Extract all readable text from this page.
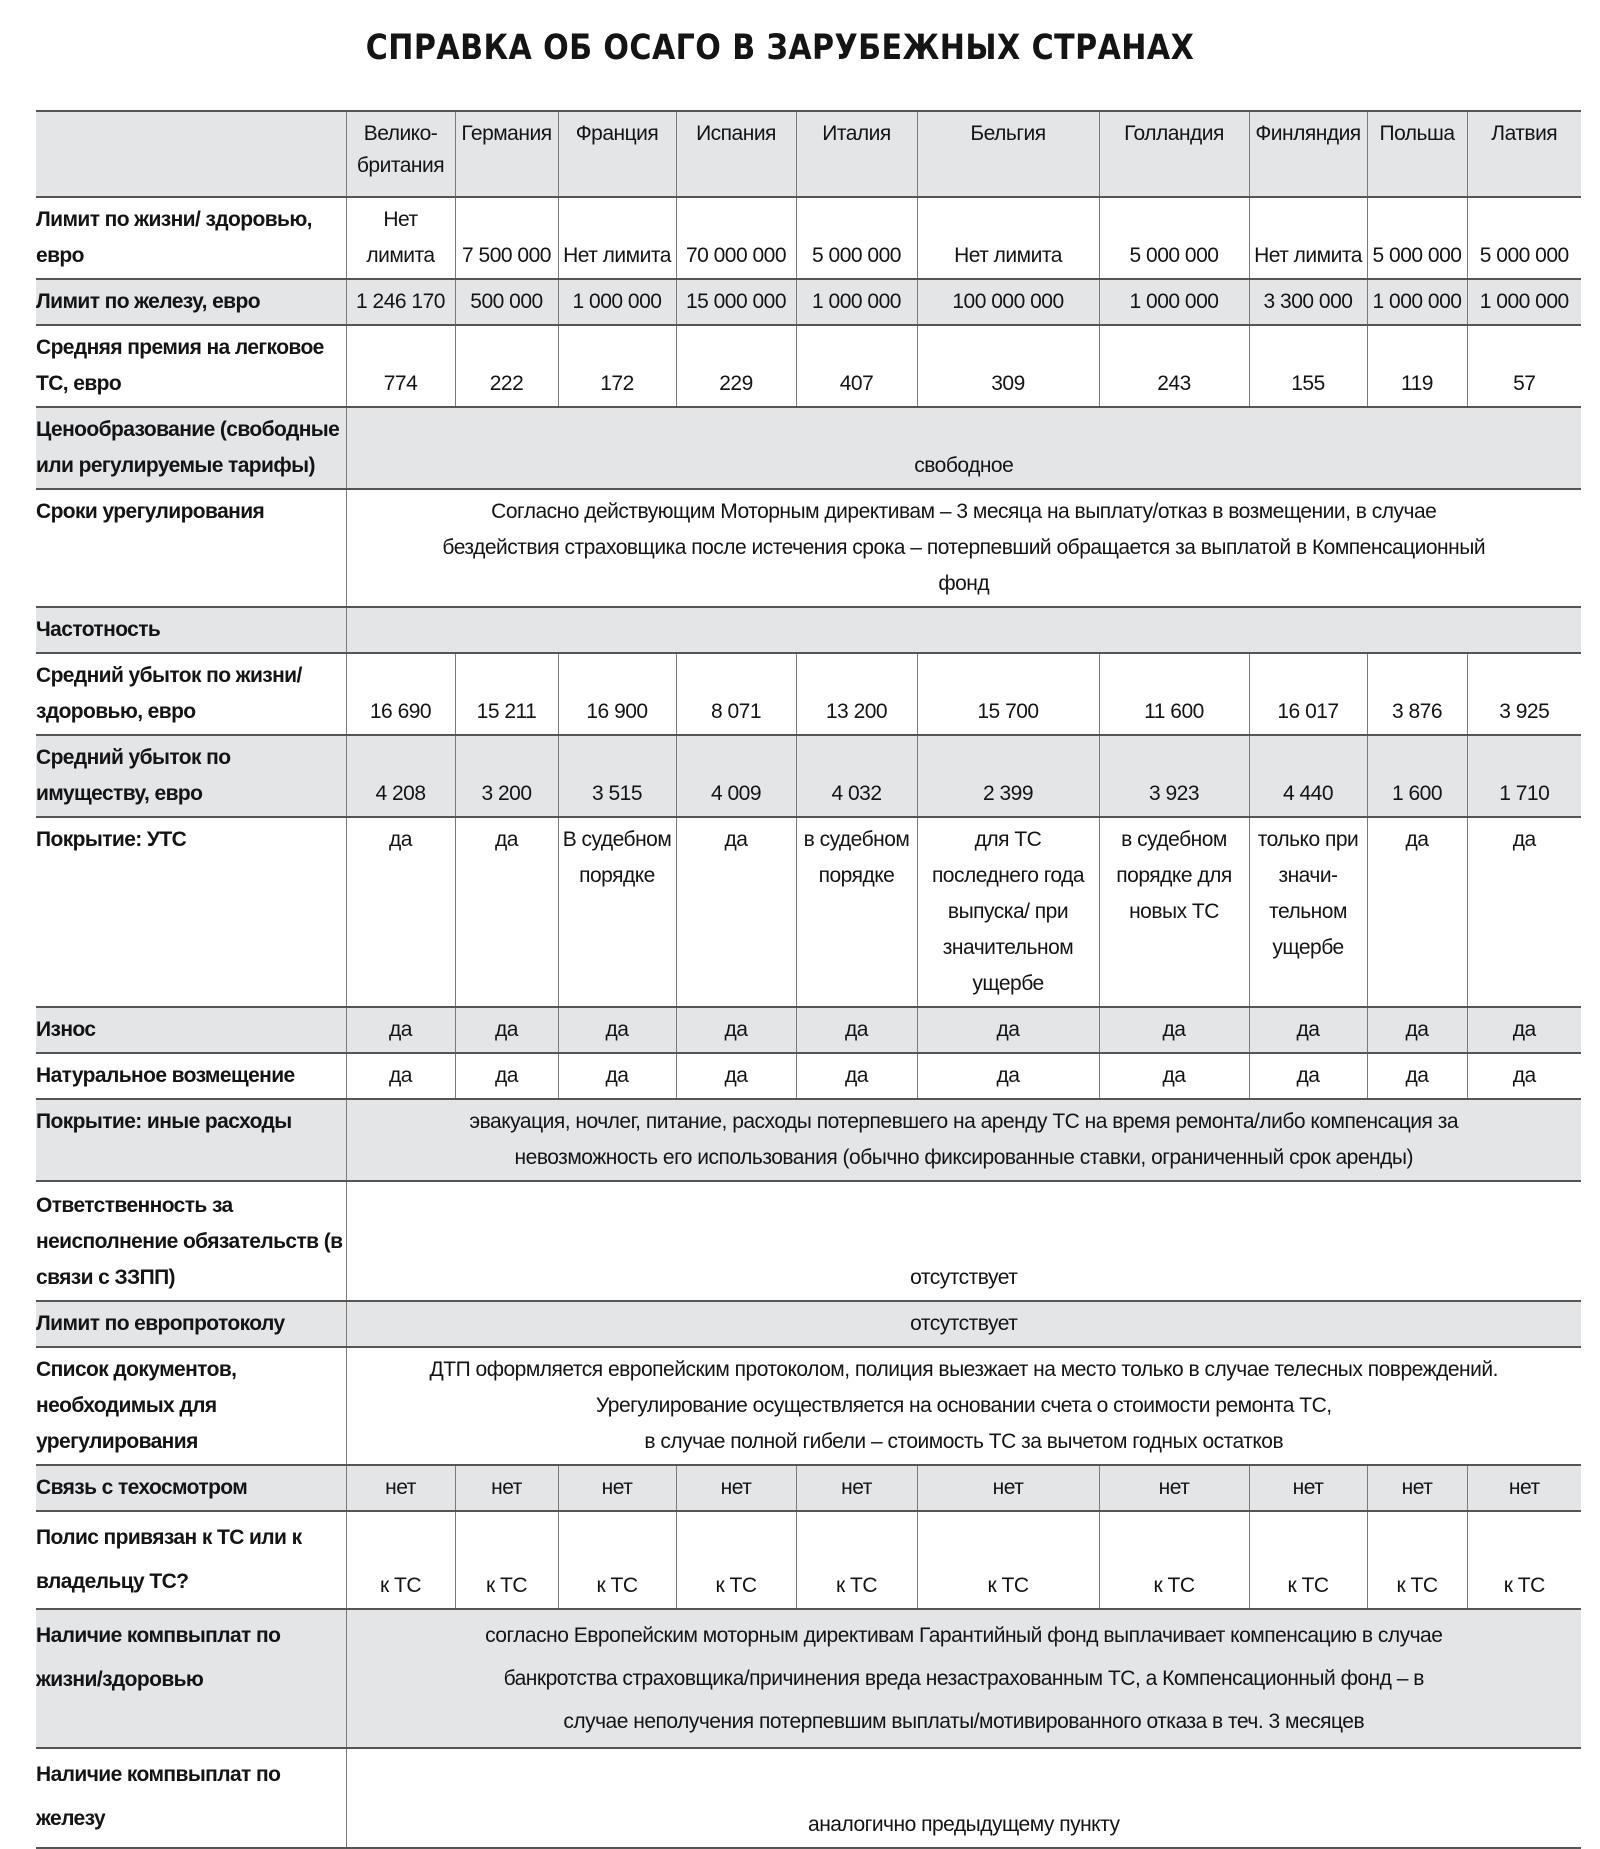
СПРАВКА ОБ ОСАГО В ЗАРУБЕЖНЫХ СТРАНАХ
	Велико-британия	Германия	Франция	Испания	Италия	Бельгия	Голландия	Финляндия	Польша	Латвия
Лимит по жизни/ здоровью, евро	Нет лимита	7 500 000	Нет лимита	70 000 000	5 000 000	Нет лимита	5 000 000	Нет лимита	5 000 000	5 000 000
Лимит по железу, евро	1 246 170	500 000	1 000 000	15 000 000	1 000 000	100 000 000	1 000 000	3 300 000	1 000 000	1 000 000
Средняя премия на легковое ТС, евро	774	222	172	229	407	309	243	155	119	57
Ценообразование (свободные или регулируемые тарифы)	свободное									
Сроки урегулирования	Согласно действующим Моторным директивам – 3 месяца на выплату/отказ в возмещении, в случае бездействия страховщика после истечения срока – потерпевший обращается за выплатой в Компенсационный фонд									
Частотность										
Средний убыток по жизни/здоровью, евро	16 690	15 211	16 900	8 071	13 200	15 700	11 600	16 017	3 876	3 925
Средний убыток по имуществу, евро	4 208	3 200	3 515	4 009	4 032	2 399	3 923	4 440	1 600	1 710
Покрытие: УТС	да	да	В судебном порядке	да	в судебном порядке	для ТС последнего года выпуска/ при значительном ущербе	в судебном порядке для новых ТС	только при значи-тельном ущербе	да	да
Износ	да	да	да	да	да	да	да	да	да	да
Натуральное возмещение	да	да	да	да	да	да	да	да	да	да
Покрытие: иные расходы	эвакуация, ночлег, питание, расходы потерпевшего на аренду ТС на время ремонта/либо компенсация за невозможность его использования (обычно фиксированные ставки, ограниченный срок аренды)									
Ответственность за неисполнение обязательств (в связи с ЗЗПП)	отсутствует									
Лимит по европротоколу	отсутствует									
Список документов, необходимых для урегулирования	ДТП оформляется европейским протоколом, полиция выезжает на место только в случае телесных повреждений.
Урегулирование осуществляется на основании счета о стоимости ремонта ТС,
в случае полной гибели – стоимость ТС за вычетом годных остатков									

Связь с техосмотром	нет	нет	нет	нет	нет	нет	нет	нет	нет	нет
Полис привязан к ТС или к владельцу ТС?	к ТС	к ТС	к ТС	к ТС	к ТС	к ТС	к ТС	к ТС	к ТС	к ТС
Наличие компвыплат по жизни/здоровью	согласно Европейским моторным директивам Гарантийный фонд выплачивает компенсацию в случае банкротства страховщика/причинения вреда незастрахованным ТС, а Компенсационный фонд – в случае неполучения потерпевшим выплаты/мотивированного отказа в теч. 3 месяцев									
Наличие компвыплат по железу	аналогично предыдущему пункту									
